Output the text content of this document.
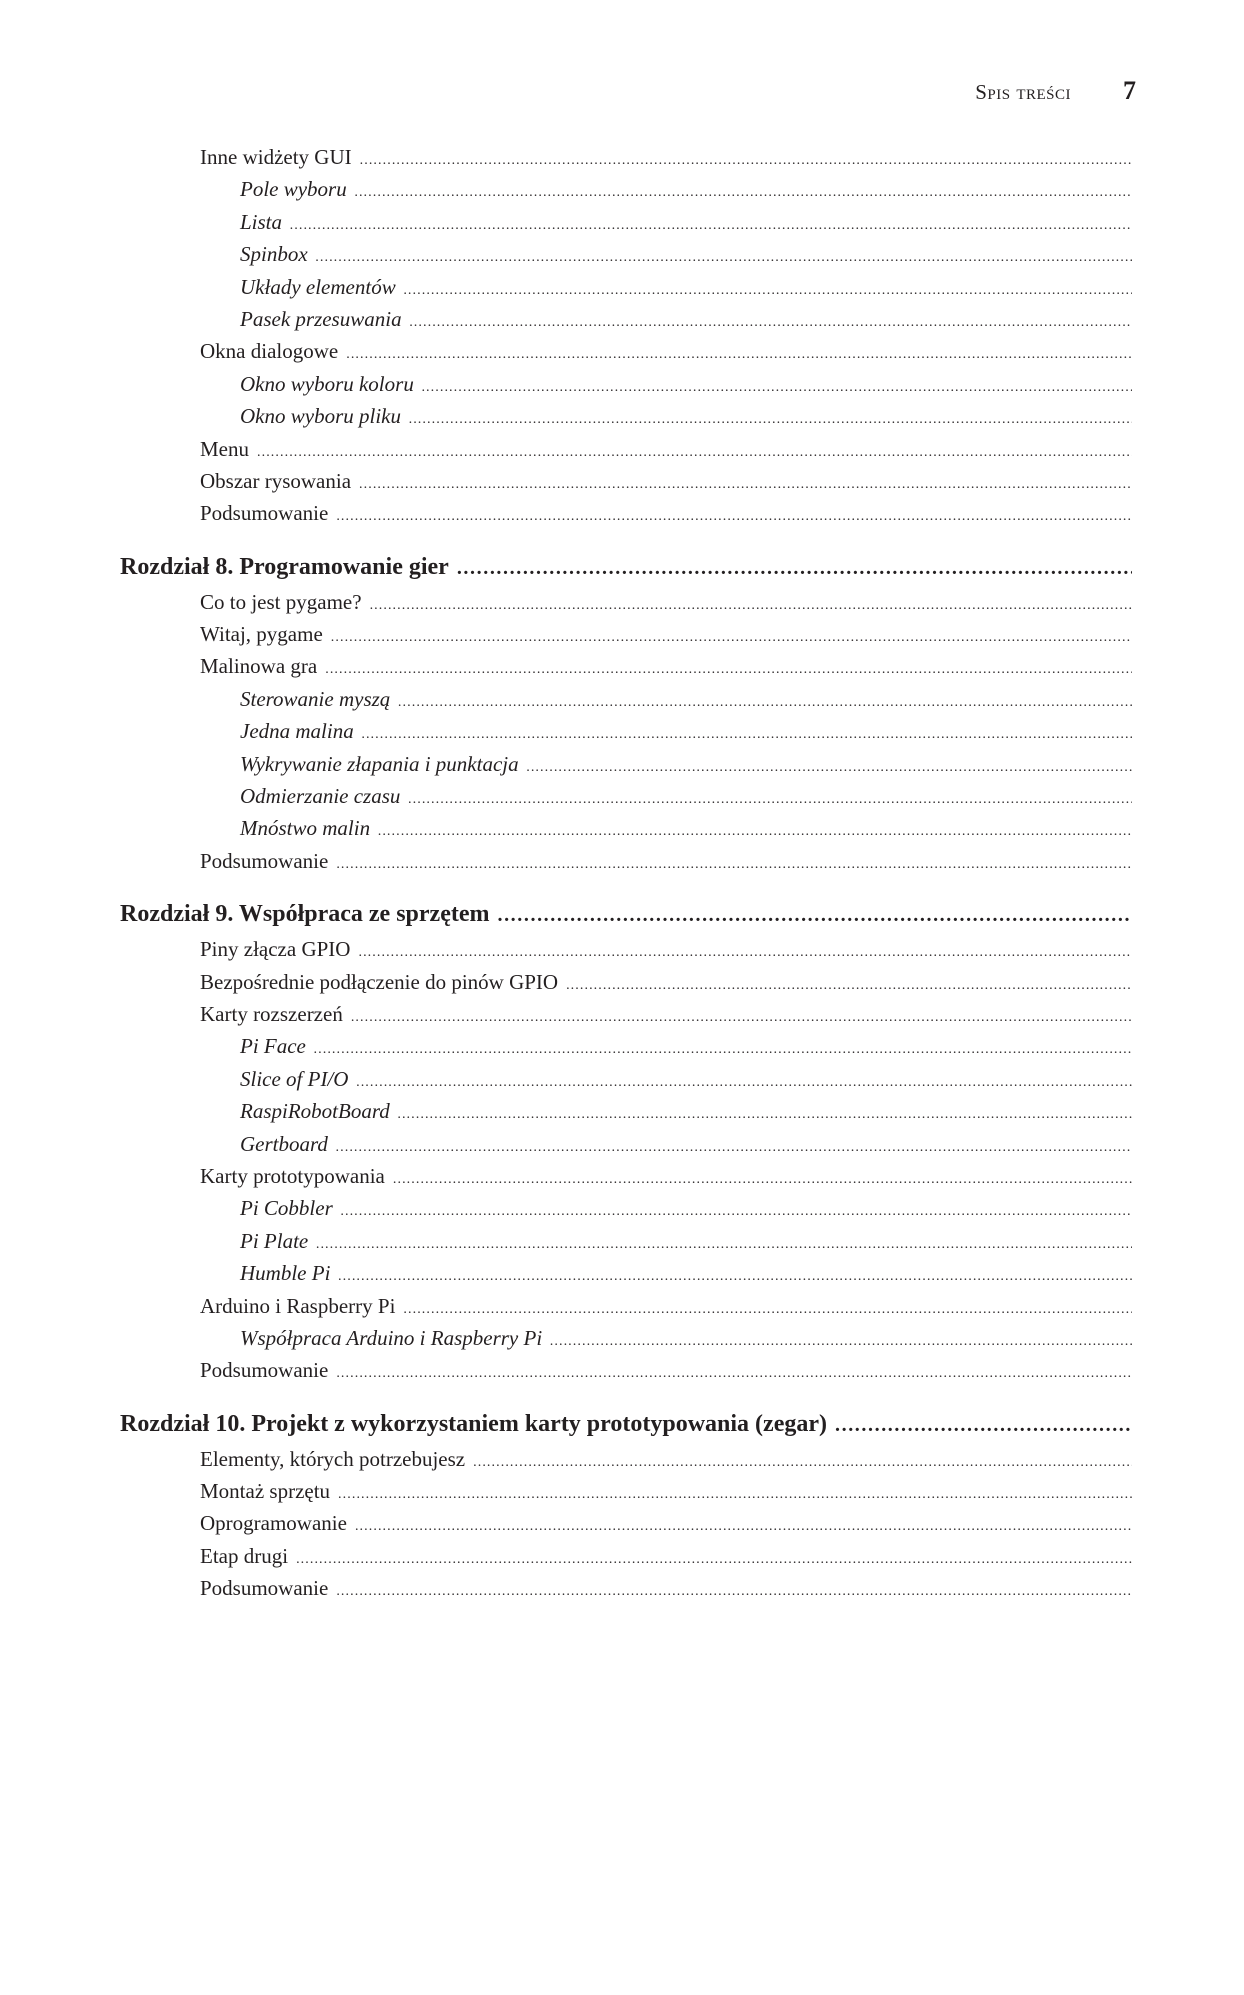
Spis treści 7
Inne widżety GUI
.....
Pole wyboru
.....
Lista
.....
Spinbox
.....
Układy elementów
.....
Pasek przesuwania
.....
Okna dialogowe
.....
Okno wyboru koloru
.....
Okno wyboru pliku
.....
Menu
.....
Obszar rysowania
.....
Podsumowanie
.....
Rozdział 8. Programowanie gier
.....
Co to jest pygame?
.....
Witaj, pygame
.....
Malinowa gra
.....
Sterowanie myszą
.....
Jedna malina
.....
Wykrywanie złapania i punktacja
.....
Odmierzanie czasu
.....
Mnóstwo malin
.....
Podsumowanie
.....
Rozdział 9. Współpraca ze sprzętem
.....
Piny złącza GPIO
.....
Bezpośrednie podłączenie do pinów GPIO
.....
Karty rozszerzeń
.....
Pi Face
.....
Slice of PI/O
.....
RaspiRobotBoard
.....
Gertboard
.....
Karty prototypowania
.....
Pi Cobbler
.....
Pi Plate
.....
Humble Pi
.....
Arduino i Raspberry Pi
.....
Współpraca Arduino i Raspberry Pi
.....
Podsumowanie
.....
Rozdział 10. Projekt z wykorzystaniem karty prototypowania (zegar)
.....
Elementy, których potrzebujesz
.....
Montaż sprzętu
.....
Oprogramowanie
.....
Etap drugi
.....
Podsumowanie
.....
